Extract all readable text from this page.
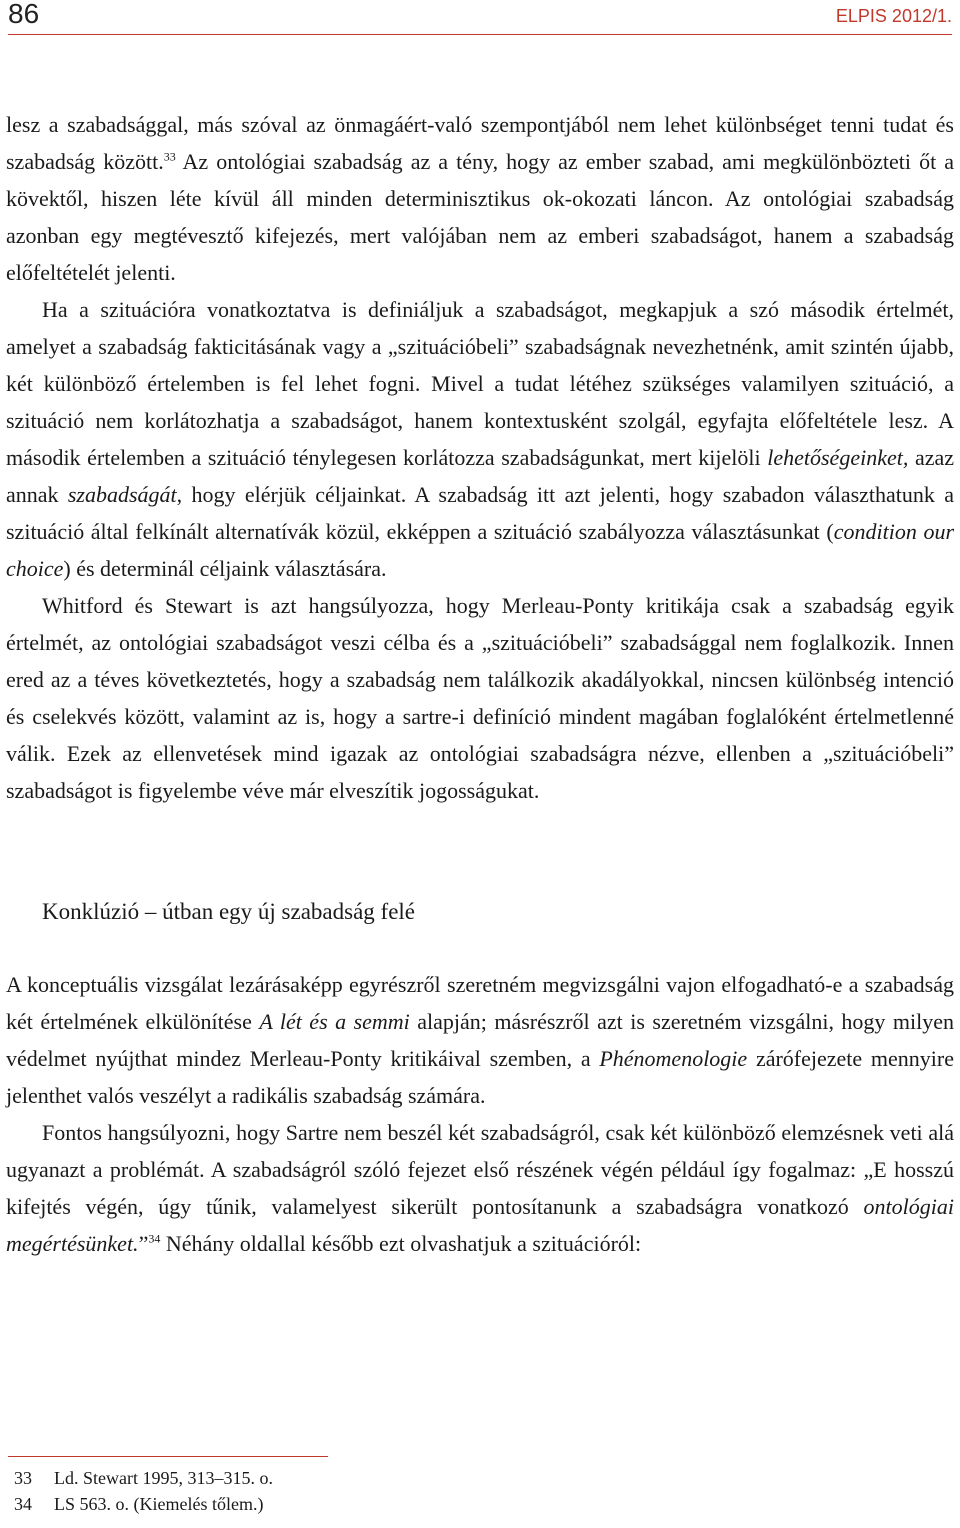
86	ELPIS 2012/1.

lesz a szabadsággal, más szóval az önmagáért-való szempontjából nem lehet különbséget tenni tudat és szabadság között.$^{33}$ Az ontológiai szabadság az a tény, hogy az ember szabad, ami megkülönbözteti őt a kövektől, hiszen léte kívül áll minden determinisztikus ok-okozati láncon. Az ontológiai szabadság azonban egy megtévesztő kifejezés, mert valójában nem az emberi szabadságot, hanem a szabadság előfeltételét jelenti.

Ha a szituációra vonatkoztatva is definiáljuk a szabadságot, megkapjuk a szó második értelmét, amelyet a szabadság fakticitásának vagy a „szituációbeli” szabadságnak nevezhetnénk, amit szintén újabb, két különböző értelemben is fel lehet fogni. Mivel a tudat létéhez szükséges valamilyen szituáció, a szituáció nem korlátozhatja a szabadságot, hanem kontextusként szolgál, egyfajta előfeltétele lesz. A második értelemben a szituáció ténylegesen korlátozza szabadságunkat, mert kijelöli lehetőségeinket, azaz annak szabadságát, hogy elérjük céljainkat. A szabadság itt azt jelenti, hogy szabadon választhatunk a szituáció által felkínált alternatívák közül, ekképpen a szituáció szabályozza választásunkat (condition our choice) és determinál céljaink választására.

Whitford és Stewart is azt hangsúlyozza, hogy Merleau-Ponty kritikája csak a szabadság egyik értelmét, az ontológiai szabadságot veszi célba és a „szituációbeli” szabadsággal nem foglalkozik. Innen ered az a téves következtetés, hogy a szabadság nem találkozik akadályokkal, nincsen különbség intenció és cselekvés között, valamint az is, hogy a sartre-i definíció mindent magában foglalóként értelmetlenné válik. Ezek az ellenvetések mind igazak az ontológiai szabadságra nézve, ellenben a „szituációbeli” szabadságot is figyelembe véve már elveszítik jogosságukat.

Konklúzió – útban egy új szabadság felé

A konceptuális vizsgálat lezárásaképp egyrészről szeretném megvizsgálni vajon elfogadható-e a szabadság két értelmének elkülönítése A lét és a semmi alapján; másrészről azt is szeretném vizsgálni, hogy milyen védelmet nyújthat mindez Merleau-Ponty kritikáival szemben, a Phénomenologie zárófejezete mennyire jelenthet valós veszélyt a radikális szabadság számára.

Fontos hangsúlyozni, hogy Sartre nem beszél két szabadságról, csak két különböző elemzésnek veti alá ugyanazt a problémát. A szabadságról szóló fejezet első részének végén például így fogalmaz: „E hosszú kifejtés végén, úgy tűnik, valamelyest sikerült pontosítanunk a szabadságra vonatkozó ontológiai megértésünket.”$^{34}$ Néhány oldallal később ezt olvashatjuk a szituációról:

33 Ld. Stewart 1995, 313–315. o.
34 LS 563. o. (Kiemelés tőlem.)
